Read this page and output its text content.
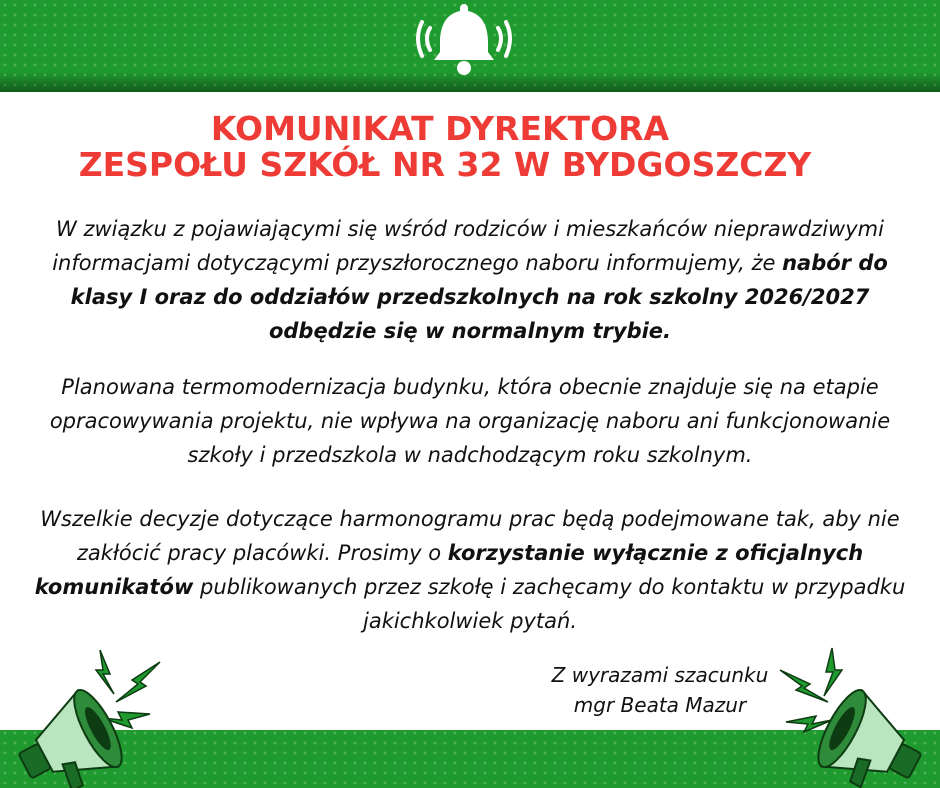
KOMUNIKAT DYREKTORA
ZESPOŁU SZKÓŁ NR 32 W BYDGOSZCZY
W związku z pojawiającymi się wśród rodziców i mieszkańców nieprawdziwymi informacjami dotyczącymi przyszłorocznego naboru informujemy, że nabór do klasy I oraz do oddziałów przedszkolnych na rok szkolny 2026/2027 odbędzie się w normalnym trybie.
Planowana termomodernizacja budynku, która obecnie znajduje się na etapie opracowywania projektu, nie wpływa na organizację naboru ani funkcjonowanie szkoły i przedszkola w nadchodzącym roku szkolnym.
Wszelkie decyzje dotyczące harmonogramu prac będą podejmowane tak, aby nie zakłócić pracy placówki. Prosimy o korzystanie wyłącznie z oficjalnych komunikatów publikowanych przez szkołę i zachęcamy do kontaktu w przypadku jakichkolwiek pytań.
Z wyrazami szacunku
mgr Beata Mazur
